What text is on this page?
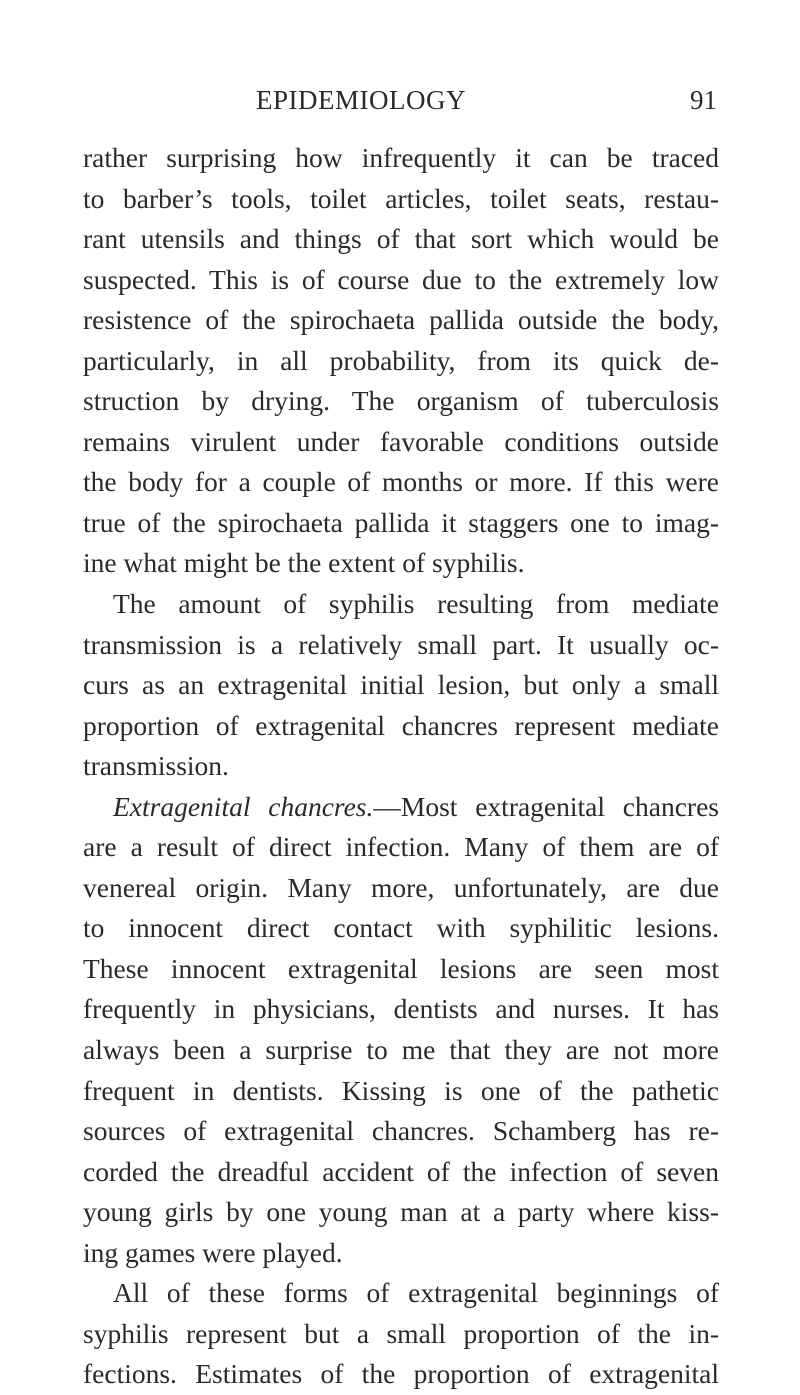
EPIDEMIOLOGY	91
rather surprising how infrequently it can be traced
to barber’s tools, toilet articles, toilet seats, restau-
rant utensils and things of that sort which would be
suspected. This is of course due to the extremely low
resistence of the spirochaeta pallida outside the body,
particularly, in all probability, from its quick de-
struction by drying. The organism of tuberculosis
remains virulent under favorable conditions outside
the body for a couple of months or more. If this were
true of the spirochaeta pallida it staggers one to imag-
ine what might be the extent of syphilis.
The amount of syphilis resulting from mediate
transmission is a relatively small part. It usually oc-
curs as an extragenital initial lesion, but only a small
proportion of extragenital chancres represent mediate
transmission.
Extragenital chancres.—Most extragenital chancres
are a result of direct infection. Many of them are of
venereal origin. Many more, unfortunately, are due
to innocent direct contact with syphilitic lesions.
These innocent extragenital lesions are seen most
frequently in physicians, dentists and nurses. It has
always been a surprise to me that they are not more
frequent in dentists. Kissing is one of the pathetic
sources of extragenital chancres. Schamberg has re-
corded the dreadful accident of the infection of seven
young girls by one young man at a party where kiss-
ing games were played.
All of these forms of extragenital beginnings of
syphilis represent but a small proportion of the in-
fections. Estimates of the proportion of extragenital
